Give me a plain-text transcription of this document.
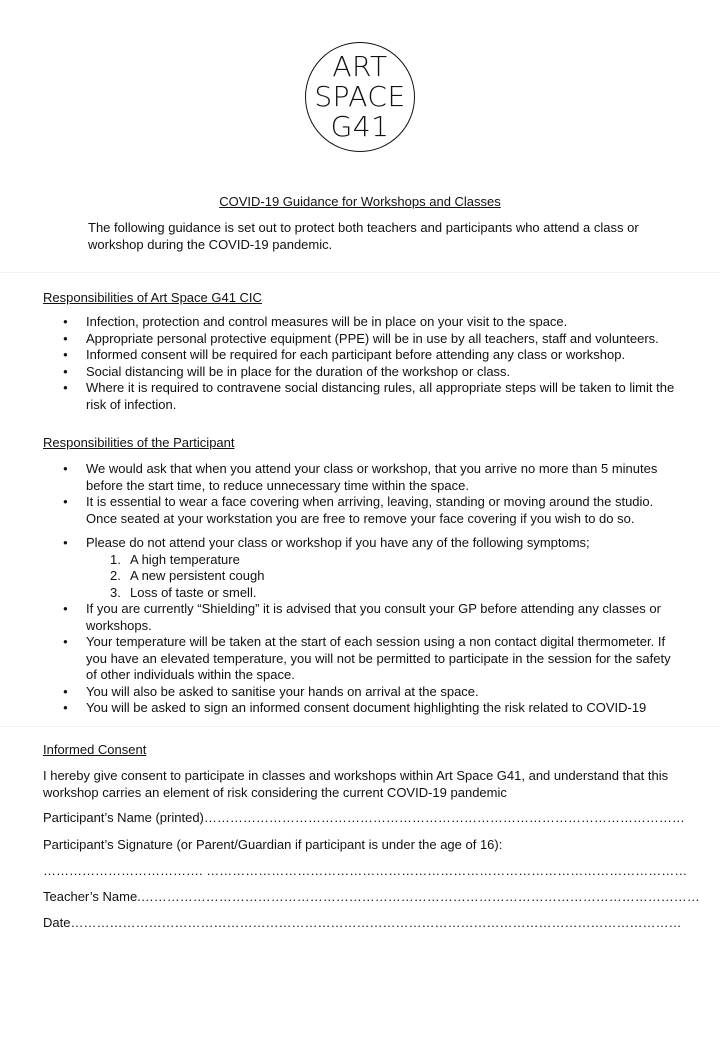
ART
SPACE
G41
COVID-19 Guidance for Workshops and Classes
The following guidance is set out to protect both teachers and participants who attend a class or workshop during the COVID-19 pandemic.
Responsibilities of Art Space G41 CIC
● Infection, protection and control measures will be in place on your visit to the space.
● Appropriate personal protective equipment (PPE) will be in use by all teachers, staff and volunteers.
● Informed consent will be required for each participant before attending any class or workshop.
● Social distancing will be in place for the duration of the workshop or class.
● Where it is required to contravene social distancing rules, all appropriate steps will be taken to limit the risk of infection.
Responsibilities of the Participant
● We would ask that when you attend your class or workshop, that you arrive no more than 5 minutes before the start time, to reduce unnecessary time within the space.
● It is essential to wear a face covering when arriving, leaving, standing or moving around the studio. Once seated at your workstation you are free to remove your face covering if you wish to do so.
● Please do not attend your class or workshop if you have any of the following symptoms;
1. A high temperature
2. A new persistent cough
3. Loss of taste or smell.
● If you are currently “Shielding” it is advised that you consult your GP before attending any classes or workshops.
● Your temperature will be taken at the start of each session using a non contact digital thermometer. If you have an elevated temperature, you will not be permitted to participate in the session for the safety of other individuals within the space.
● You will also be asked to sanitise your hands on arrival at the space.
● You will be asked to sign an informed consent document highlighting the risk related to COVID-19
Informed Consent
I hereby give consent to participate in classes and workshops within Art Space G41, and understand that this workshop carries an element of risk considering the current COVID-19 pandemic
Participant’s Name (printed)…………………………………………………………………………………………………
Participant’s Signature (or Parent/Guardian if participant is under the age of 16):
………………………………. …………………………………………………………………………………………………
Teacher’s Name.…………………………………………………………………………………………………………………
Date……………………………………………………………………………………………………………………………
